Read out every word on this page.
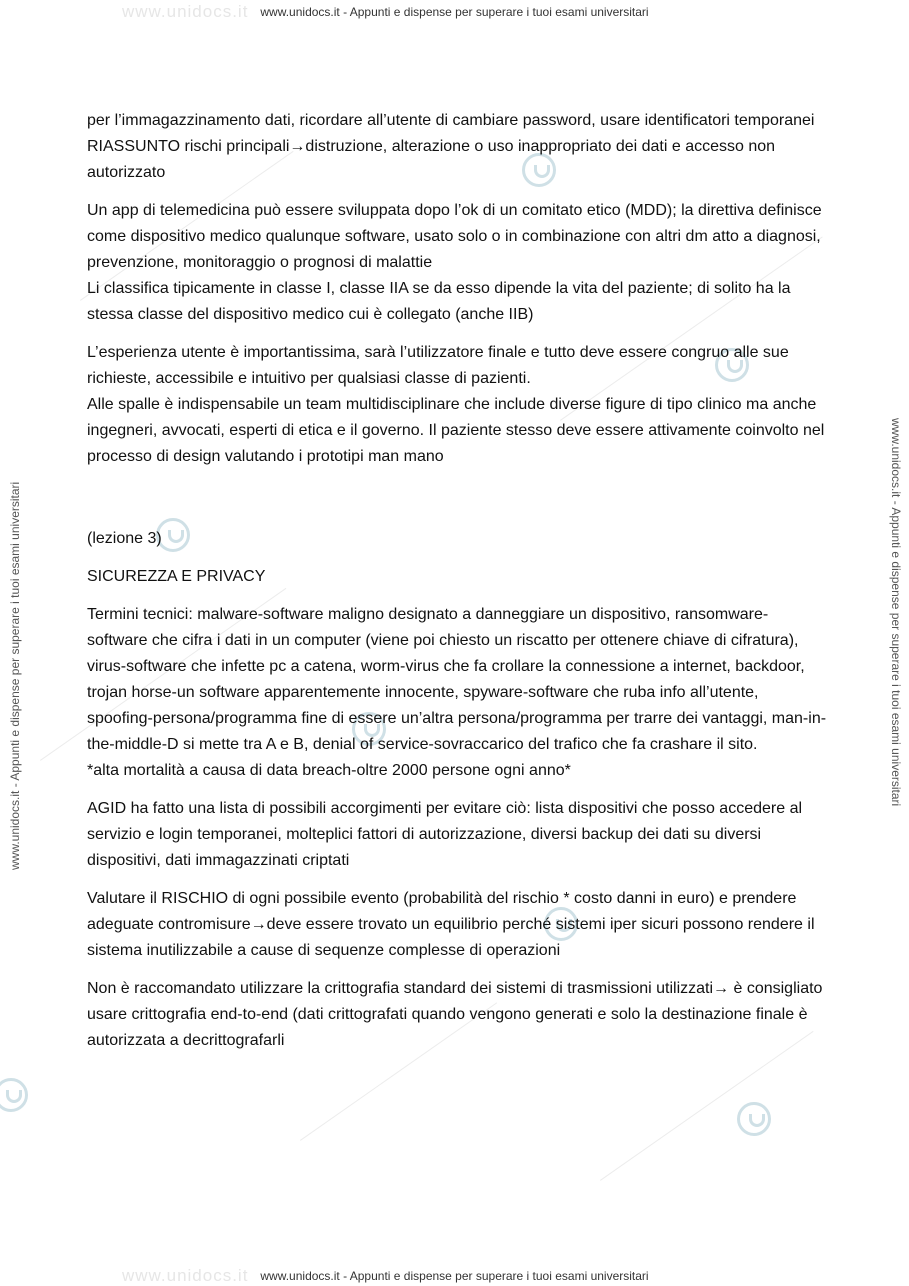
www.unidocs.it www.unidocs.it - Appunti e dispense per superare i tuoi esami universitari
www.unidocs.it www.unidocs.it - Appunti e dispense per superare i tuoi esami universitari
www.unidocs.it - Appunti e dispense per superare i tuoi esami universitari	www.unidocs.it - Appunti e dispense per superare i tuoi esami universitari

per l’immagazzinamento dati, ricordare all’utente di cambiare password, usare identificatori temporanei
RIASSUNTO rischi principali→distruzione, alterazione o uso inappropriato dei dati e accesso non autorizzato

Un app di telemedicina può essere sviluppata dopo l’ok di un comitato etico (MDD); la direttiva definisce come dispositivo medico qualunque software, usato solo o in combinazione con altri dm atto a diagnosi, prevenzione, monitoraggio o prognosi di malattie
Li classifica tipicamente in classe I, classe IIA se da esso dipende la vita del paziente; di solito ha la stessa classe del dispositivo medico cui è collegato (anche IIB)

L’esperienza utente è importantissima, sarà l’utilizzatore finale e tutto deve essere congruo alle sue richieste, accessibile e intuitivo per qualsiasi classe di pazienti.
Alle spalle è indispensabile un team multidisciplinare che include diverse figure di tipo clinico ma anche ingegneri, avvocati, esperti di etica e il governo. Il paziente stesso deve essere attivamente coinvolto nel processo di design valutando i prototipi man mano

(lezione 3)

SICUREZZA E PRIVACY

Termini tecnici: malware-software maligno designato a danneggiare un dispositivo, ransomware-software che cifra i dati in un computer (viene poi chiesto un riscatto per ottenere chiave di cifratura), virus-software che infette pc a catena, worm-virus che fa crollare la connessione a internet, backdoor, trojan horse-un software apparentemente innocente, spyware-software che ruba info all’utente, spoofing-persona/programma fine di essere un’altra persona/programma per trarre dei vantaggi, man-in-the-middle-D si mette tra A e B, denial of service-sovraccarico del trafico che fa crashare il sito.
*alta mortalità a causa di data breach-oltre 2000 persone ogni anno*

AGID ha fatto una lista di possibili accorgimenti per evitare ciò: lista dispositivi che posso accedere al servizio e login temporanei, molteplici fattori di autorizzazione, diversi backup dei dati su diversi dispositivi, dati immagazzinati criptati

Valutare il RISCHIO di ogni possibile evento (probabilità del rischio * costo danni in euro) e prendere adeguate contromisure→deve essere trovato un equilibrio perché sistemi iper sicuri possono rendere il sistema inutilizzabile a cause di sequenze complesse di operazioni

Non è raccomandato utilizzare la crittografia standard dei sistemi di trasmissioni utilizzati→ è consigliato usare crittografia end-to-end (dati crittografati quando vengono generati e solo la destinazione finale è autorizzata a decrittografarli
